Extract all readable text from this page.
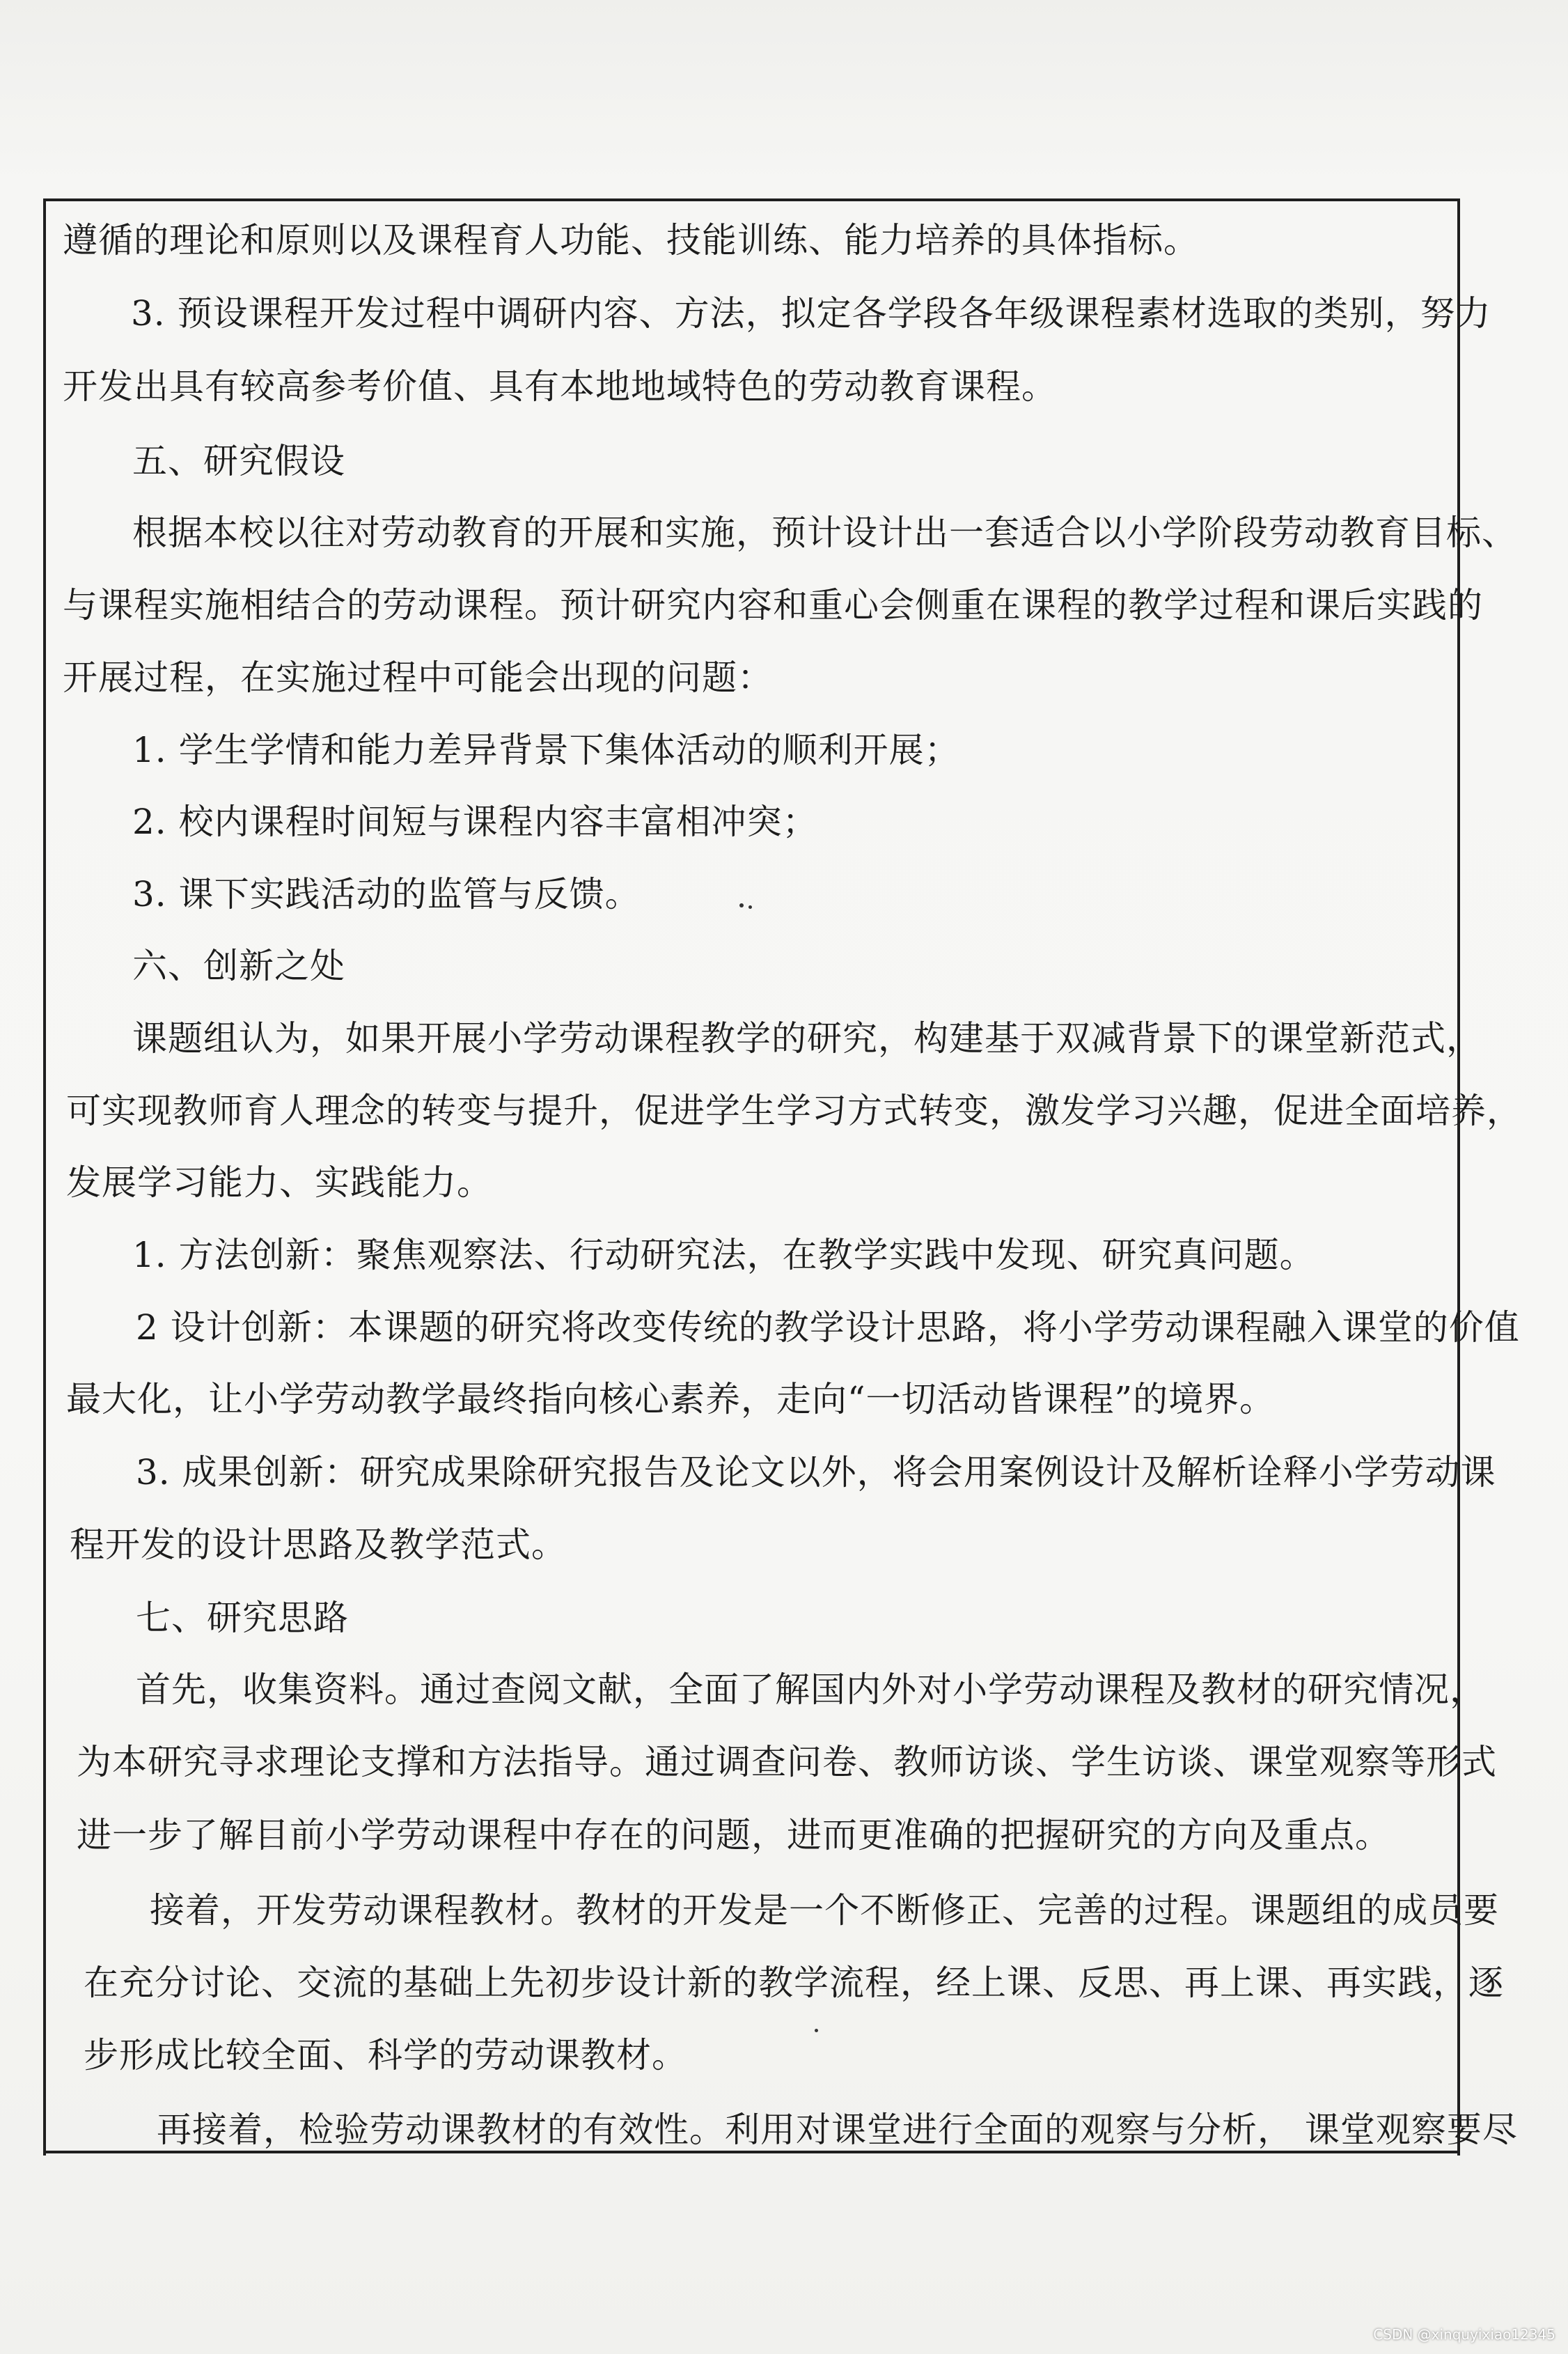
遵循的理论和原则以及课程育人功能、技能训练、能力培养的具体指标。
3. 预设课程开发过程中调研内容、方法，拟定各学段各年级课程素材选取的类别，努力
开发出具有较高参考价值、具有本地地域特色的劳动教育课程。
五、研究假设
根据本校以往对劳动教育的开展和实施，预计设计出一套适合以小学阶段劳动教育目标、
与课程实施相结合的劳动课程。预计研究内容和重心会侧重在课程的教学过程和课后实践的
开展过程，在实施过程中可能会出现的问题：
1. 学生学情和能力差异背景下集体活动的顺利开展；
2. 校内课程时间短与课程内容丰富相冲突；
3. 课下实践活动的监管与反馈。
六、创新之处
课题组认为，如果开展小学劳动课程教学的研究，构建基于双减背景下的课堂新范式，
可实现教师育人理念的转变与提升，促进学生学习方式转变，激发学习兴趣，促进全面培养，
发展学习能力、实践能力。
1. 方法创新：聚焦观察法、行动研究法，在教学实践中发现、研究真问题。
2 设计创新：本课题的研究将改变传统的教学设计思路，将小学劳动课程融入课堂的价值
最大化，让小学劳动教学最终指向核心素养，走向“一切活动皆课程”的境界。
3. 成果创新：研究成果除研究报告及论文以外，将会用案例设计及解析诠释小学劳动课
程开发的设计思路及教学范式。
七、研究思路
首先，收集资料。通过查阅文献，全面了解国内外对小学劳动课程及教材的研究情况，
为本研究寻求理论支撑和方法指导。通过调查问卷、教师访谈、学生访谈、课堂观察等形式
进一步了解目前小学劳动课程中存在的问题，进而更准确的把握研究的方向及重点。
接着，开发劳动课程教材。教材的开发是一个不断修正、完善的过程。课题组的成员要
在充分讨论、交流的基础上先初步设计新的教学流程，经上课、反思、再上课、再实践，逐
步形成比较全面、科学的劳动课教材。
再接着，检验劳动课教材的有效性。利用对课堂进行全面的观察与分析， 课堂观察要尽
CSDN @xinquyixiao12345
